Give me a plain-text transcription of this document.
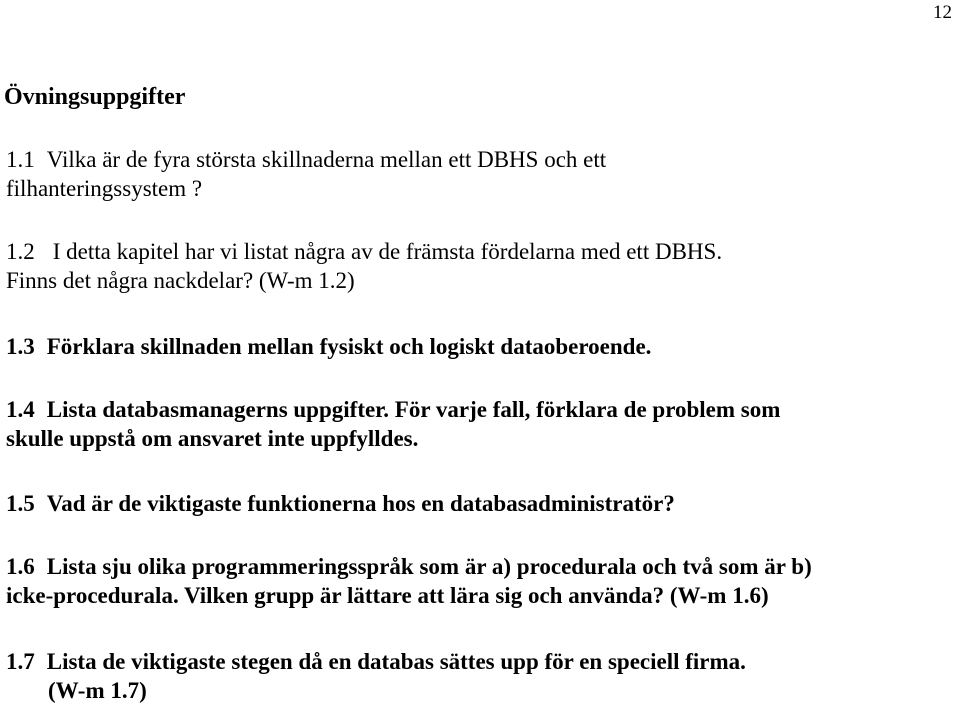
12
Övningsuppgifter
1.1 Vilka är de fyra största skillnaderna mellan ett DBHS och ett
filhanteringssystem ?
1.2 I detta kapitel har vi listat några av de främsta fördelarna med ett DBHS.
Finns det några nackdelar? (W-m 1.2)
1.3 Förklara skillnaden mellan fysiskt och logiskt dataoberoende.
1.4 Lista databasmanagerns uppgifter. För varje fall, förklara de problem som
skulle uppstå om ansvaret inte uppfylldes.
1.5 Vad är de viktigaste funktionerna hos en databasadministratör?
1.6 Lista sju olika programmeringsspråk som är a) procedurala och två som är b)
icke-procedurala. Vilken grupp är lättare att lära sig och använda? (W-m 1.6)
1.7 Lista de viktigaste stegen då en databas sättes upp för en speciell firma.
(W-m 1.7)
